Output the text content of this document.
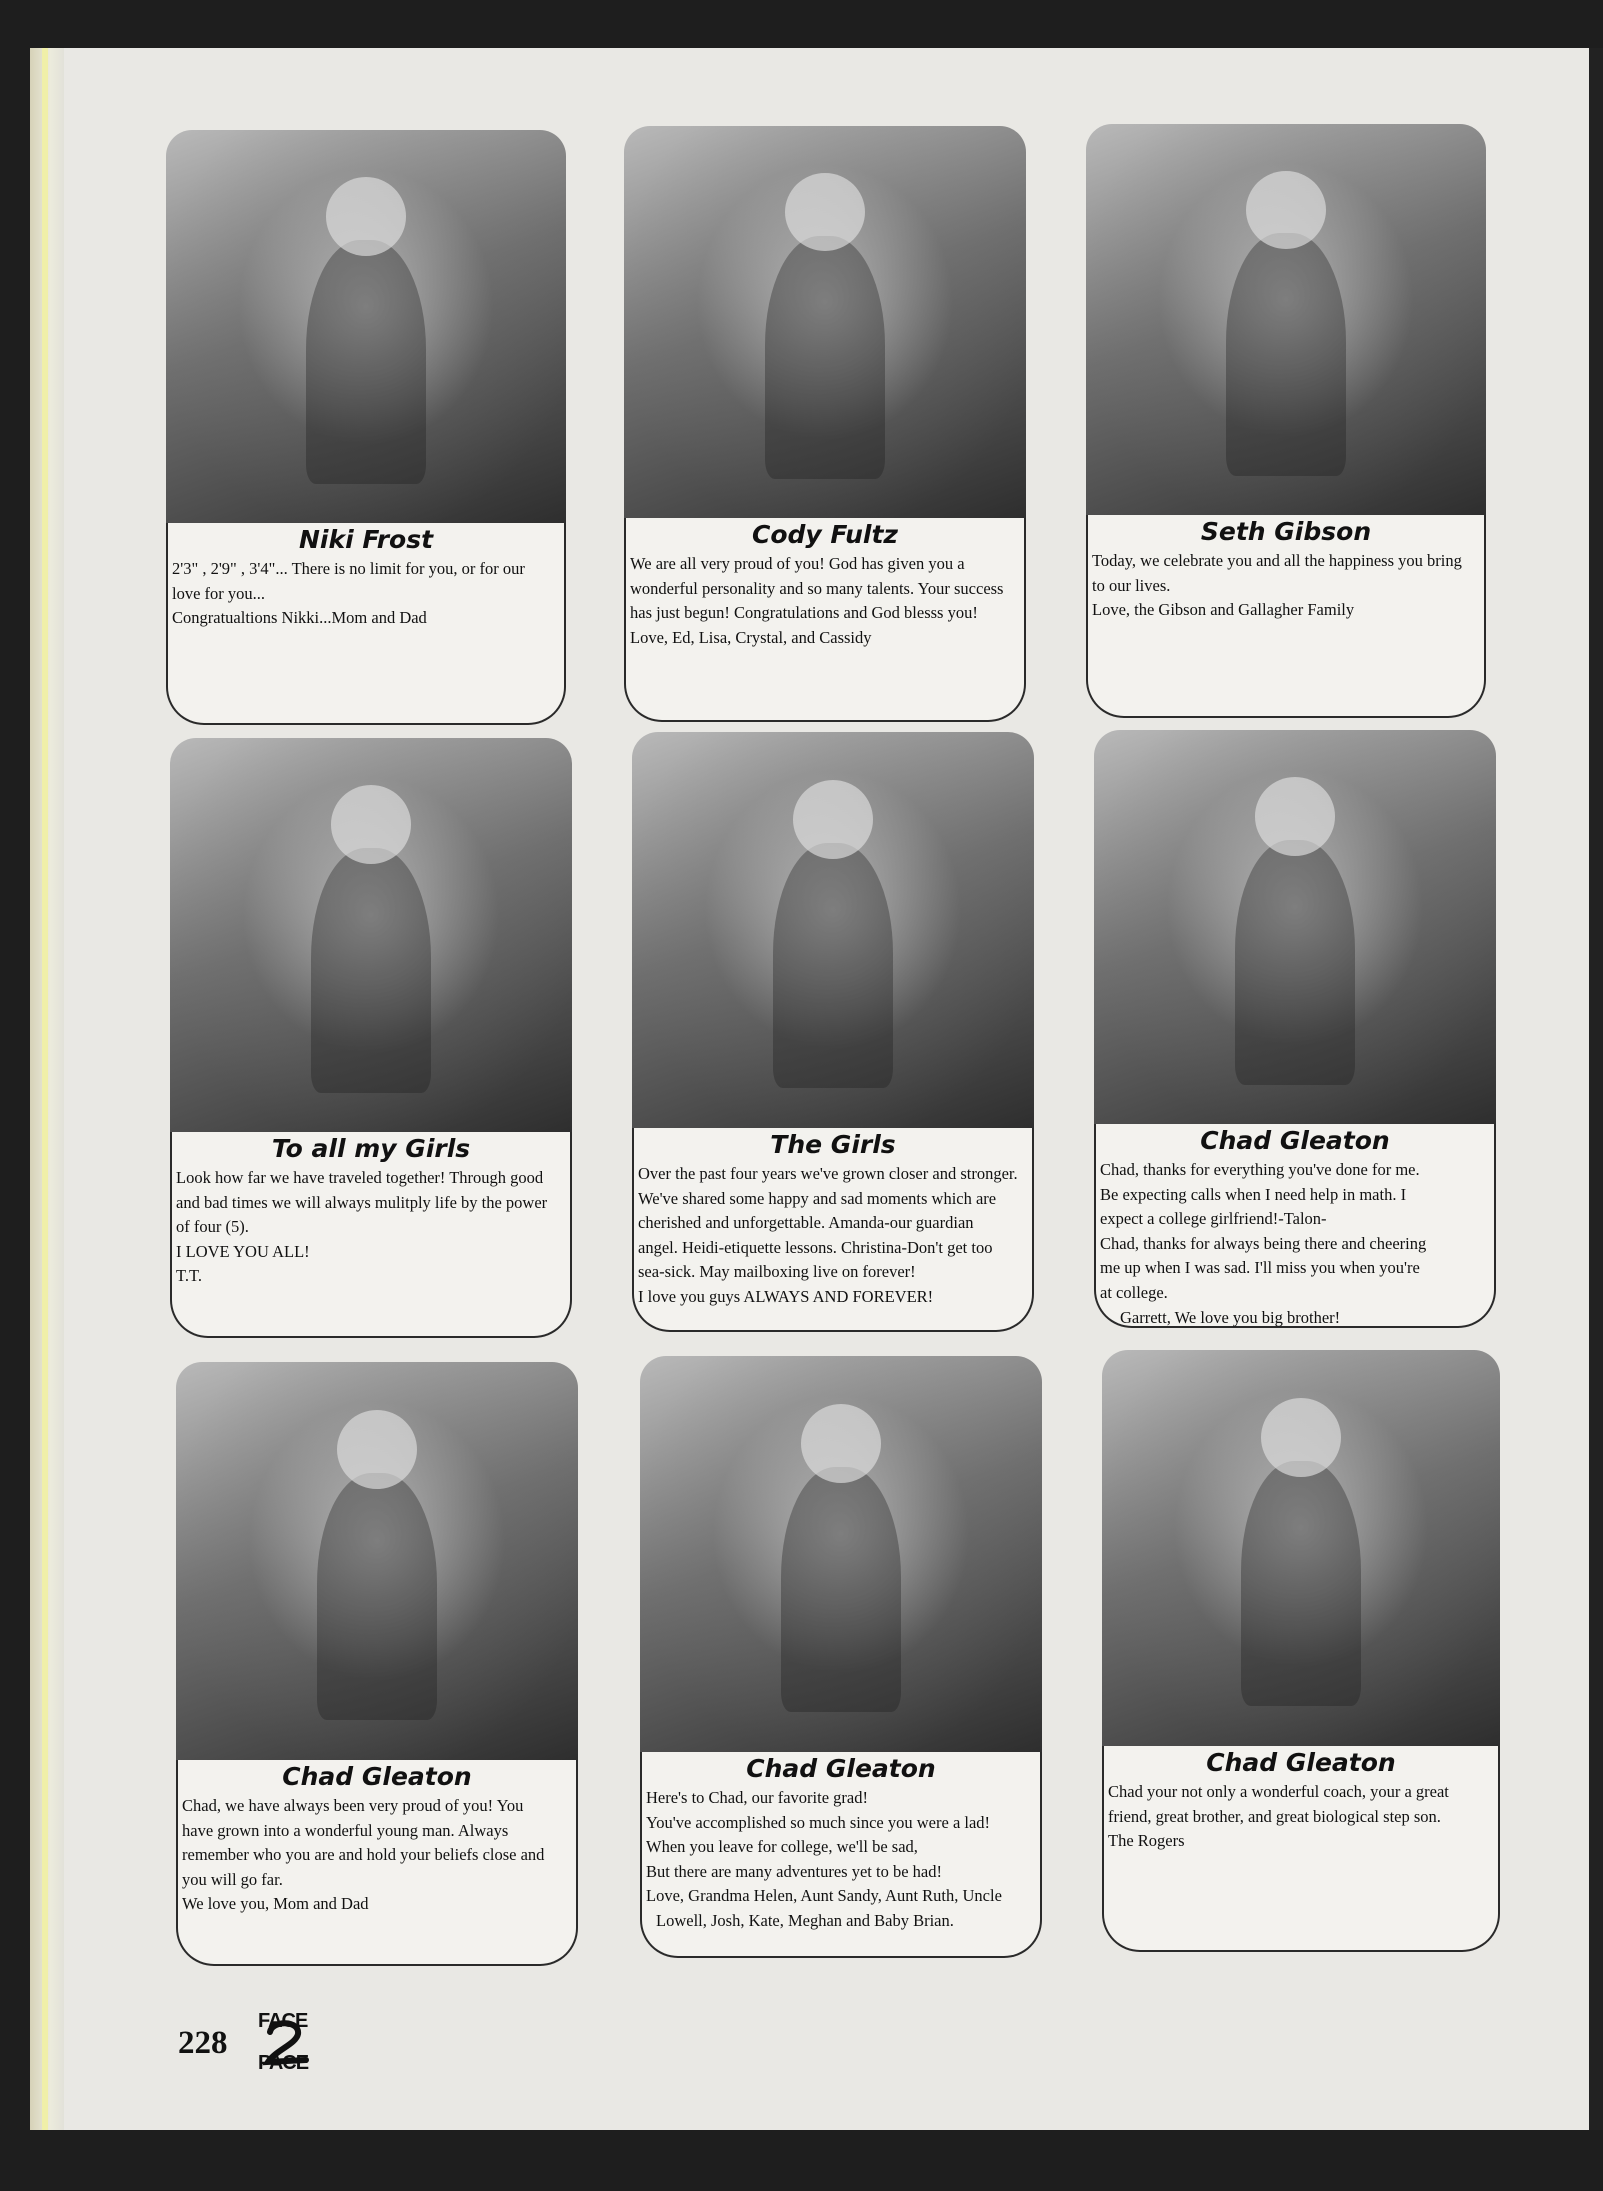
Niki Frost
2'3" , 2'9" , 3'4"... There is no limit for you, or for our
love for you...
Congratualtions Nikki...Mom and Dad
Cody Fultz
We are all very proud of you! God has given you a
wonderful personality and so many talents. Your success
has just begun! Congratulations and God blesss you!
Love, Ed, Lisa, Crystal, and Cassidy
Seth Gibson
Today, we celebrate you and all the happiness you bring
to our lives.
Love, the Gibson and Gallagher Family
To all my Girls
Look how far we have traveled together! Through good
and bad times we will always mulitply life by the power
of four (5).
I LOVE YOU ALL!
T.T.
The Girls
Over the past four years we've grown closer and stronger.
We've shared some happy and sad moments which are
cherished and unforgettable. Amanda-our guardian
angel. Heidi-etiquette lessons. Christina-Don't get too
sea-sick. May mailboxing live on forever!
I love you guys ALWAYS AND FOREVER!
Chad Gleaton
Chad, thanks for everything you've done for me.
Be expecting calls when I need help in math. I
expect a college girlfriend!-Talon-
Chad, thanks for always being there and cheering
me up when I was sad. I'll miss you when you're
at college.
Garrett, We love you big brother!
Chad Gleaton
Chad, we have always been very proud of you! You
have grown into a wonderful young man. Always
remember who you are and hold your beliefs close and
you will go far.
We love you, Mom and Dad
Chad Gleaton
Here's to Chad, our favorite grad!
You've accomplished so much since you were a lad!
When you leave for college, we'll be sad,
But there are many adventures yet to be had!
Love, Grandma Helen, Aunt Sandy, Aunt Ruth, Uncle
Lowell, Josh, Kate, Meghan and Baby Brian.
Chad Gleaton
Chad your not only a wonderful coach, your a great
friend, great brother, and great biological step son.
The Rogers
228
FACE
PACE
